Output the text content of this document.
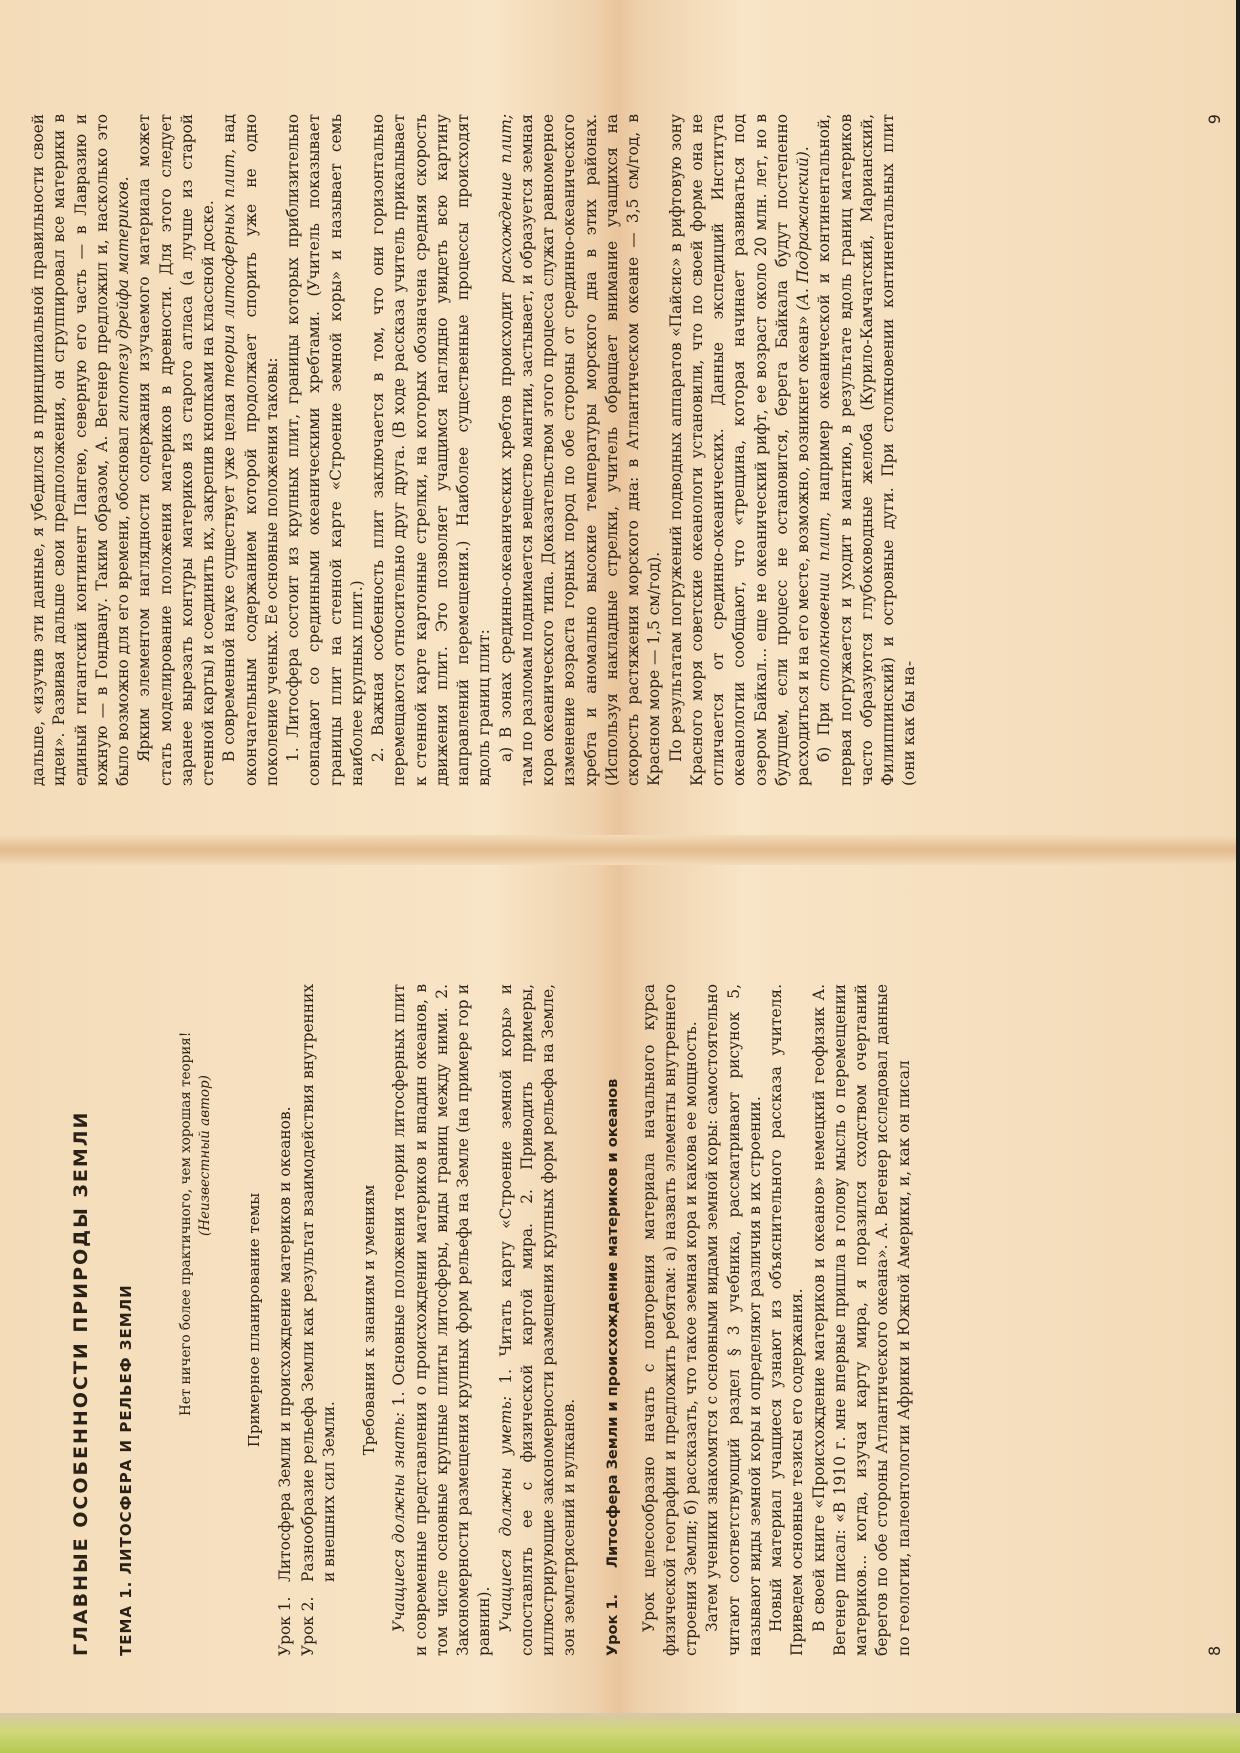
ГЛАВНЫЕ ОСОБЕННОСТИ ПРИРОДЫ ЗЕМЛИ ТЕМА 1. ЛИТОСФЕРА И РЕЛЬЕФ ЗЕМЛИ
Нет ничего более практичного, чем хорошая теория! (Неизвестный автор)
Примерное планирование темы
Урок 1.
Литосфера Земли и происхождение материков и океанов.
Урок 2.
Разнообразие рельефа Земли как результат взаимодействия внутренних и внешних сил Земли.
Требования к знаниям и умениям

Учащиеся должны знать: 1. Основные положения теории литосферных плит и современные представления о происхождении материков и впадин океанов, в том числе основные крупные плиты литосферы, виды границ между ними. 2. Закономерности размещения крупных форм рельефа на Земле (на примере гор и равнин). Учащиеся должны уметь: 1. Читать карту «Строение земной коры» и сопоставлять ее с физической картой мира. 2. Приводить примеры, иллюстрирующие закономерности размещения крупных форм рельефа на Земле, зон землетрясений и вулканов. Урок 1.
Литосфера Земли и происхождение материков и океанов Урок целесообразно начать с повторения материала начального курса физической географии и предложить ребятам: а) назвать элементы внутреннего строения Земли; б) рассказать, что такое земная кора и какова ее мощность. Затем ученики знакомятся с основными видами земной коры: самостоятельно читают соответствующий раздел § 3 учебника, рассматривают рисунок 5, называют виды земной коры и определяют различия в их строении. Новый материал учащиеся узнают из объяснительного рассказа учителя. Приведем основные тезисы его содержания. В своей книге «Происхождение материков и океанов» немецкий геофизик А. Вегенер писал: «В 1910 г. мне впервые пришла в голову мысль о перемещении материков... когда, изучая карту мира, я поразился сходством очертаний берегов по обе стороны Атлантического океана». А. Вегенер исследовал данные по геологии, палеонтологии Африки и Южной Америки, и, как он писал	8

дальше, «изучив эти данные, я убедился в принципиальной правильности своей идеи». Развивая дальше свои предположения, он сгруппировал все материки в единый гигантский континент Пангею, северную его часть — в Лавразию и южную — в Гондвану. Таким образом, А. Вегенер предложил и, насколько это было возможно для его времени, обосновал гипотезу дрейфа материков. Ярким элементом наглядности содержания изучаемого материала может стать моделирование положения материков в древности. Для этого следует заранее вырезать контуры материков из старого атласа (а лучше из старой стенной карты) и соединить их, закрепив кнопками на классной доске. В современной науке существует уже целая теория литосферных плит, над окончательным содержанием которой продолжает спорить уже не одно поколение ученых. Ее основные положения таковы: 1. Литосфера состоит из крупных плит, границы которых приблизительно совпадают со срединными океаническими хребтами. (Учитель показывает границы плит на стенной карте «Строение земной коры» и называет семь наиболее крупных плит.) 2. Важная особенность плит заключается в том, что они горизонтально перемещаются относительно друг друга. (В ходе рассказа учитель прикалывает к стенной карте картонные стрелки, на которых обозначена средняя скорость движения плит. Это позволяет учащимся наглядно увидеть всю картину направлений перемещения.) Наиболее существенные процессы происходят вдоль границ плит: а) В зонах срединно-океанических хребтов происходит расхождение плит; там по разломам поднимается вещество мантии, застывает, и образуется земная кора океанического типа. Доказательством этого процесса служат равномерное изменение возраста горных пород по обе стороны от срединно-океанического хребта и аномально высокие температуры морского дна в этих районах. (Используя накладные стрелки, учитель обращает внимание учащихся на скорость растяжения морского дна: в Атлантическом океане — 3,5 см/год, в Красном море — 1,5 см/год). По результатам погружений подводных аппаратов «Пайсис» в рифтовую зону Красного моря советские океанологи установили, что по своей форме она не отличается от срединно-океанических. Данные экспедиций Института океанологии сообщают, что «трещина, которая начинает развиваться под озером Байкал... еще не океанический рифт, ее возраст около 20 млн. лет, но в будущем, если процесс не остановится, берега Байкала будут постепенно расходиться и на его месте, возможно, возникнет океан» (А. Подражанский).

б) При столкновении плит, например океанической и континентальной, первая погружается и уходит в мантию, в результате вдоль границ материков часто образуются глубоководные желоба (Курило-Камчатский, Марианский, Филиппинский) и островные дуги. При столкновении континентальных плит (они как бы на-

9
